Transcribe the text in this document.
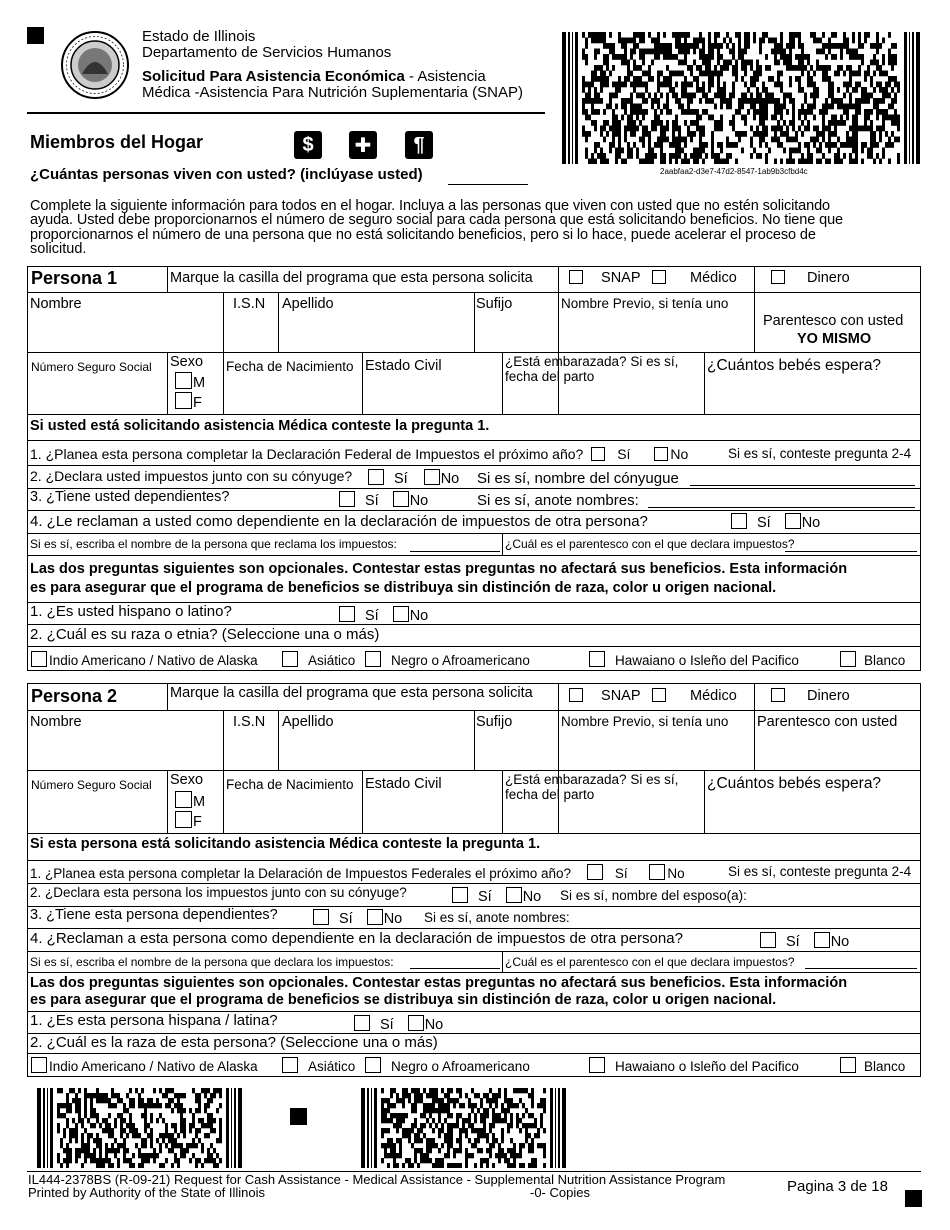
Estado de Illinois
Departamento de Servicios Humanos
Solicitud Para Asistencia Económica - Asistencia
Médica -Asistencia Para Nutrición Suplementaria (SNAP)
2aabfaa2-d3e7-47d2-8547-1ab9b3cfbd4c
Miembros del Hogar	$ ✚ ¶
¿Cuántas personas viven con usted? (inclúyase usted)
Complete la siguiente información para todos en el hogar. Incluya a las personas que viven con usted que no estén solicitando
ayuda. Usted debe proporcionarnos el número de seguro social para cada persona que está solicitando beneficios. No tiene que
proporcionarnos el número de una persona que no está solicitando beneficios, pero si lo hace, puede acelerar el proceso de
solicitud.
Persona 1	Marque la casilla del programa que esta persona solicita	SNAP	Médico	Dinero
Nombre	I.S.N Apellido	Sufijo	Nombre Previo, si tenía uno
Parentesco con usted
YO MISMO
Número Seguro Social Sexo
M
F
Fecha de Nacimiento Estado Civil	¿Está embarazada? Si es sí,
fecha del parto
¿Cuántos bebés espera?
Si usted está solicitando asistencia Médica conteste la pregunta 1.
1. ¿Planea esta persona completar la Declaración Federal de Impuestos el próximo año? Sí	No	Si es sí, conteste pregunta 2-4
2. ¿Declara usted impuestos junto con su cónyuge?	Sí No Si es sí, nombre del cónyugue
3. ¿Tiene usted dependientes?	Sí No	Si es sí, anote nombres:
4. ¿Le reclaman a usted como dependiente en la declaración de impuestos de otra persona?	Sí No
Si es sí, escriba el nombre de la persona que reclama los impuestos:	¿Cuál es el parentesco con el que declara impuestos?
Las dos preguntas siguientes son opcionales. Contestar estas preguntas no afectará sus beneficios. Esta información
es para asegurar que el programa de beneficios se distribuya sin distinción de raza, color u origen nacional.
1. ¿Es usted hispano o latino?	Sí No
2. ¿Cuál es su raza o etnia? (Seleccione una o más)
Indio Americano / Nativo de Alaska	Asiático	Negro o Afroamericano	Hawaiano o Isleño del Pacifico	Blanco
Persona 2	Marque la casilla del programa que esta persona solicita	SNAP	Médico	Dinero
Nombre	I.S.N Apellido	Sufijo	Nombre Previo, si tenía uno Parentesco con usted
Número Seguro Social Sexo
M
F
Fecha de Nacimiento Estado Civil	¿Está embarazada? Si es sí,
fecha del parto
¿Cuántos bebés espera?
Si esta persona está solicitando asistencia Médica conteste la pregunta 1.
1. ¿Planea esta persona completar la Delaración de Impuestos Federales el próximo año?	Sí	No	Si es sí, conteste pregunta 2-4
2. ¿Declara esta persona los impuestos junto con su cónyuge?	Sí No Si es sí, nombre del esposo(a):
3. ¿Tiene esta persona dependientes?	Sí No Si es sí, anote nombres:
4. ¿Reclaman a esta persona como dependiente en la declaración de impuestos de otra persona?	Sí No
Si es sí, escriba el nombre de la persona que declara los impuestos:	¿Cuál es el parentesco con el que declara impuestos?
Las dos preguntas siguientes son opcionales. Contestar estas preguntas no afectará sus beneficios. Esta información
es para asegurar que el programa de beneficios se distribuya sin distinción de raza, color u origen nacional.
1. ¿Es esta persona hispana / latina?	Sí No
2. ¿Cuál es la raza de esta persona? (Seleccione una o más)
Indio Americano / Nativo de Alaska	Asiático	Negro o Afroamericano	Hawaiano o Isleño del Pacifico	Blanco
IL444-2378BS (R-09-21) Request for Cash Assistance - Medical Assistance - Supplemental Nutrition Assistance Program
Printed by Authority of the State of Illinois	-0- Copies	Pagina 3 de 18
